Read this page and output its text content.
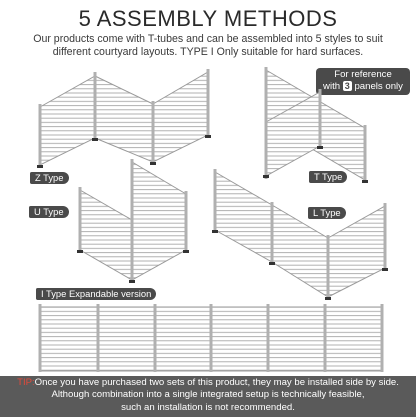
5 ASSEMBLY METHODS
Our products come with T-tubes and can be assembled into 5 styles to suit different courtyard layouts. TYPE I Only suitable for hard surfaces.
For reference
with 3 panels only
Z Type	T Type
U Type	L Type
I Type Expandable version
TIP:Once you have purchased two sets of this product, they may be installed side by side.
Although combination into a single integrated setup is technically feasible,
such an installation is not recommended.
